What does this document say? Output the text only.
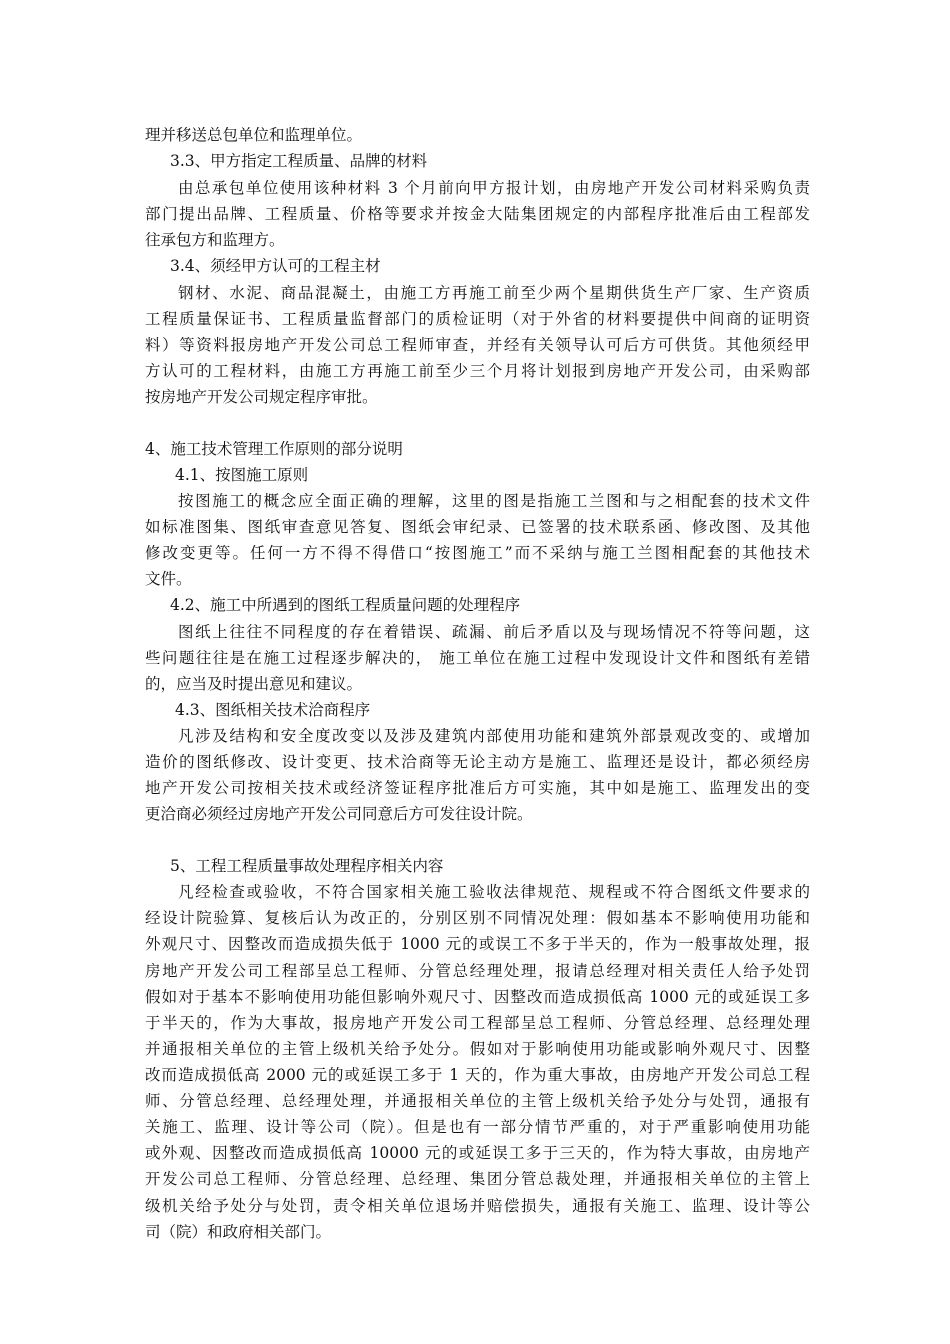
理并移送总包单位和监理单位。
3.3、甲方指定工程质量、品牌的材料
由总承包单位使用该种材料 3 个月前向甲方报计划，由房地产开发公司材料采购负责
部门提出品牌、工程质量、价格等要求并按金大陆集团规定的内部程序批准后由工程部发
往承包方和监理方。
3.4、须经甲方认可的工程主材
钢材、水泥、商品混凝土，由施工方再施工前至少两个星期供货生产厂家、生产资质
工程质量保证书、工程质量监督部门的质检证明（对于外省的材料要提供中间商的证明资
料）等资料报房地产开发公司总工程师审查，并经有关领导认可后方可供货。其他须经甲
方认可的工程材料，由施工方再施工前至少三个月将计划报到房地产开发公司，由采购部
按房地产开发公司规定程序审批。
4、施工技术管理工作原则的部分说明
4.1、按图施工原则
按图施工的概念应全面正确的理解，这里的图是指施工兰图和与之相配套的技术文件
如标准图集、图纸审查意见答复、图纸会审纪录、已签署的技术联系函、修改图、及其他
修改变更等。任何一方不得不得借口“按图施工”而不采纳与施工兰图相配套的其他技术
文件。
4.2、施工中所遇到的图纸工程质量问题的处理程序
图纸上往往不同程度的存在着错误、疏漏、前后矛盾以及与现场情况不符等问题，这
些问题往往是在施工过程逐步解决的， 施工单位在施工过程中发现设计文件和图纸有差错
的，应当及时提出意见和建议。
4.3、图纸相关技术洽商程序
凡涉及结构和安全度改变以及涉及建筑内部使用功能和建筑外部景观改变的、或增加
造价的图纸修改、设计变更、技术洽商等无论主动方是施工、监理还是设计，都必须经房
地产开发公司按相关技术或经济签证程序批准后方可实施，其中如是施工、监理发出的变
更洽商必须经过房地产开发公司同意后方可发往设计院。
5、工程工程质量事故处理程序相关内容
凡经检查或验收，不符合国家相关施工验收法律规范、规程或不符合图纸文件要求的
经设计院验算、复核后认为改正的，分别区别不同情况处理：假如基本不影响使用功能和
外观尺寸、因整改而造成损失低于 1000 元的或误工不多于半天的，作为一般事故处理，报
房地产开发公司工程部呈总工程师、分管总经理处理，报请总经理对相关责任人给予处罚
假如对于基本不影响使用功能但影响外观尺寸、因整改而造成损低高 1000 元的或延误工多
于半天的，作为大事故，报房地产开发公司工程部呈总工程师、分管总经理、总经理处理
并通报相关单位的主管上级机关给予处分。假如对于影响使用功能或影响外观尺寸、因整
改而造成损低高 2000 元的或延误工多于 1 天的，作为重大事故，由房地产开发公司总工程
师、分管总经理、总经理处理，并通报相关单位的主管上级机关给予处分与处罚，通报有
关施工、监理、设计等公司（院）。但是也有一部分情节严重的，对于严重影响使用功能
或外观、因整改而造成损低高 10000 元的或延误工多于三天的，作为特大事故，由房地产
开发公司总工程师、分管总经理、总经理、集团分管总裁处理，并通报相关单位的主管上
级机关给予处分与处罚，责令相关单位退场并赔偿损失，通报有关施工、监理、设计等公
司（院）和政府相关部门。
